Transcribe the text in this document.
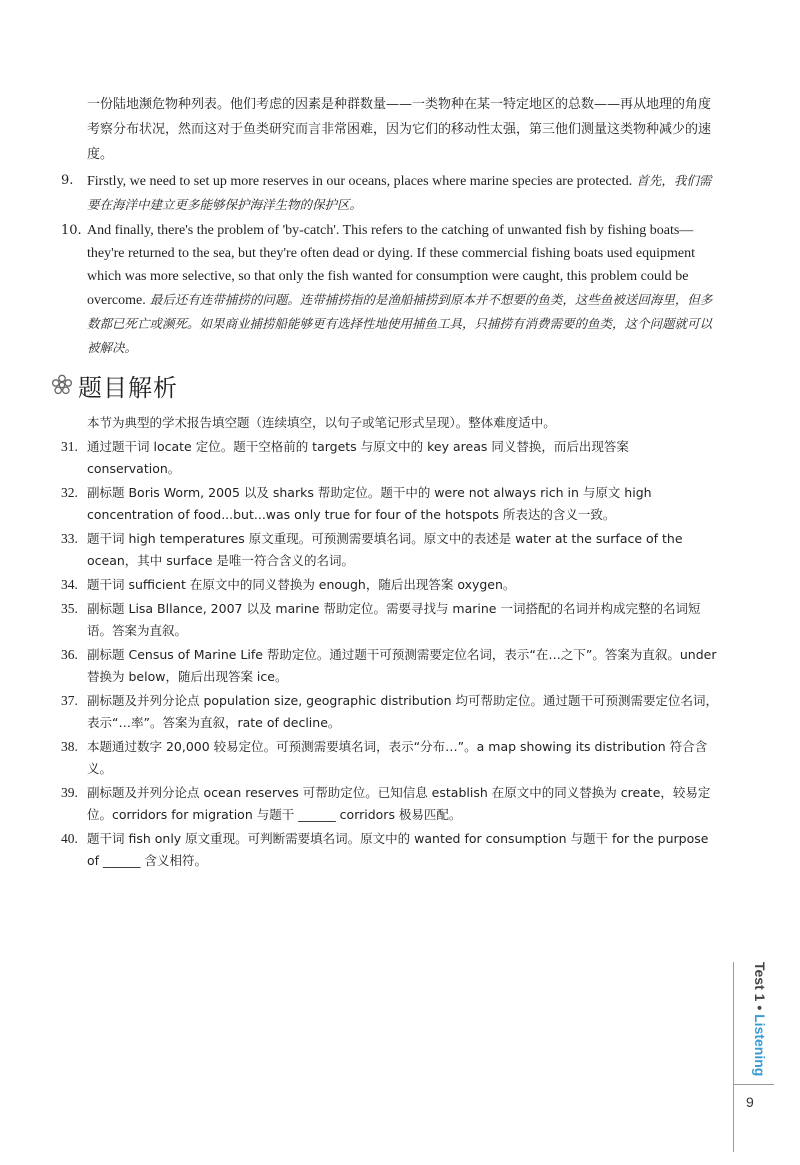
一份陆地濒危物种列表。他们考虑的因素是种群数量——一类物种在某一特定地区的总数——再从地理的角度考察分布状况，然而这对于鱼类研究而言非常困难，因为它们的移动性太强，第三他们测量这类物种减少的速度。
9. Firstly, we need to set up more reserves in our oceans, places where marine species are protected. 首先，我们需要在海洋中建立更多能够保护海洋生物的保护区。
10. And finally, there's the problem of 'by-catch'. This refers to the catching of unwanted fish by fishing boats—they're returned to the sea, but they're often dead or dying. If these commercial fishing boats used equipment which was more selective, so that only the fish wanted for consumption were caught, this problem could be overcome. 最后还有连带捕捞的问题。连带捕捞指的是渔船捕捞到原本并不想要的鱼类，这些鱼被送回海里，但多数都已死亡或濒死。如果商业捕捞船能够更有选择性地使用捕鱼工具，只捕捞有消费需要的鱼类，这个问题就可以被解决。
题目解析
本节为典型的学术报告填空题（连续填空，以句子或笔记形式呈现）。整体难度适中。
31. 通过题干词 locate 定位。题干空格前的 targets 与原文中的 key areas 同义替换，而后出现答案 conservation。
32. 副标题 Boris Worm, 2005 以及 sharks 帮助定位。题干中的 were not always rich in 与原文 high concentration of food...but...was only true for four of the hotspots 所表达的含义一致。
33. 题干词 high temperatures 原文重现。可预测需要填名词。原文中的表述是 water at the surface of the ocean，其中 surface 是唯一符合含义的名词。
34. 题干词 sufficient 在原文中的同义替换为 enough，随后出现答案 oxygen。
35. 副标题 Lisa Bllance, 2007 以及 marine 帮助定位。需要寻找与 marine 一词搭配的名词并构成完整的名词短语。答案为直叙。
36. 副标题 Census of Marine Life 帮助定位。通过题干可预测需要定位名词，表示“在…之下”。答案为直叙。under 替换为 below，随后出现答案 ice。
37. 副标题及并列分论点 population size, geographic distribution 均可帮助定位。通过题干可预测需要定位名词，表示“…率”。答案为直叙，rate of decline。
38. 本题通过数字 20,000 较易定位。可预测需要填名词，表示“分布…”。a map showing its distribution 符合含义。
39. 副标题及并列分论点 ocean reserves 可帮助定位。已知信息 establish 在原文中的同义替换为 create，较易定位。corridors for migration 与题干 ______ corridors 极易匹配。
40. 题干词 fish only 原文重现。可判断需要填名词。原文中的 wanted for consumption 与题干 for the purpose of ______ 含义相符。
Test 1 • Listening
9
